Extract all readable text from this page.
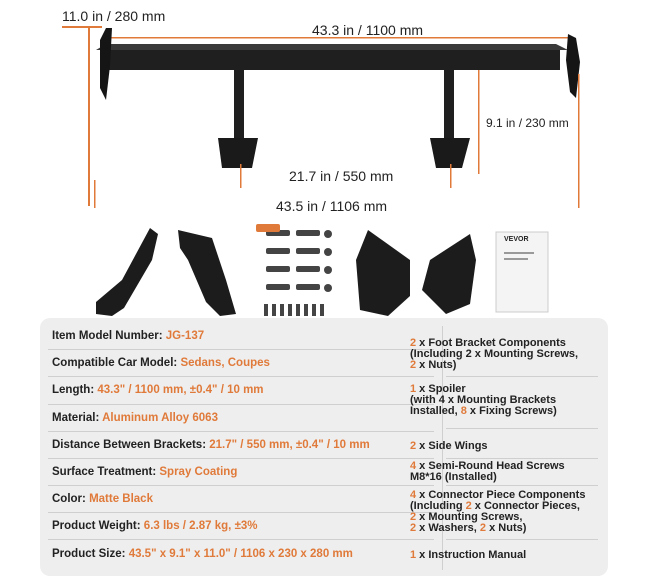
11.0 in / 280 mm
43.3 in / 1100 mm
9.1 in / 230 mm
21.7 in / 550 mm
43.5 in / 1106 mm
VEVOR
Item Model Number: JG-137
Compatible Car Model: Sedans, Coupes
Length: 43.3" / 1100 mm, ±0.4" / 10 mm
Material: Aluminum Alloy 6063
Distance Between Brackets: 21.7" / 550 mm, ±0.4" / 10 mm
Surface Treatment: Spray Coating
Color: Matte Black
Product Weight: 6.3 lbs / 2.87 kg, ±3%
Product Size: 43.5" x 9.1" x 11.0" / 1106 x 230 x 280 mm
2 x Foot Bracket Components
(Including 2 x Mounting Screws,
2 x Nuts)
1 x Spoiler
(with 4 x Mounting Brackets
Installed, 8 x Fixing Screws)
2 x Side Wings
4 x Semi-Round Head Screws
M8*16 (Installed)
4 x Connector Piece Components
(Including 2 x Connector Pieces,
2 x Mounting Screws,
2 x Washers, 2 x Nuts)
1 x Instruction Manual
